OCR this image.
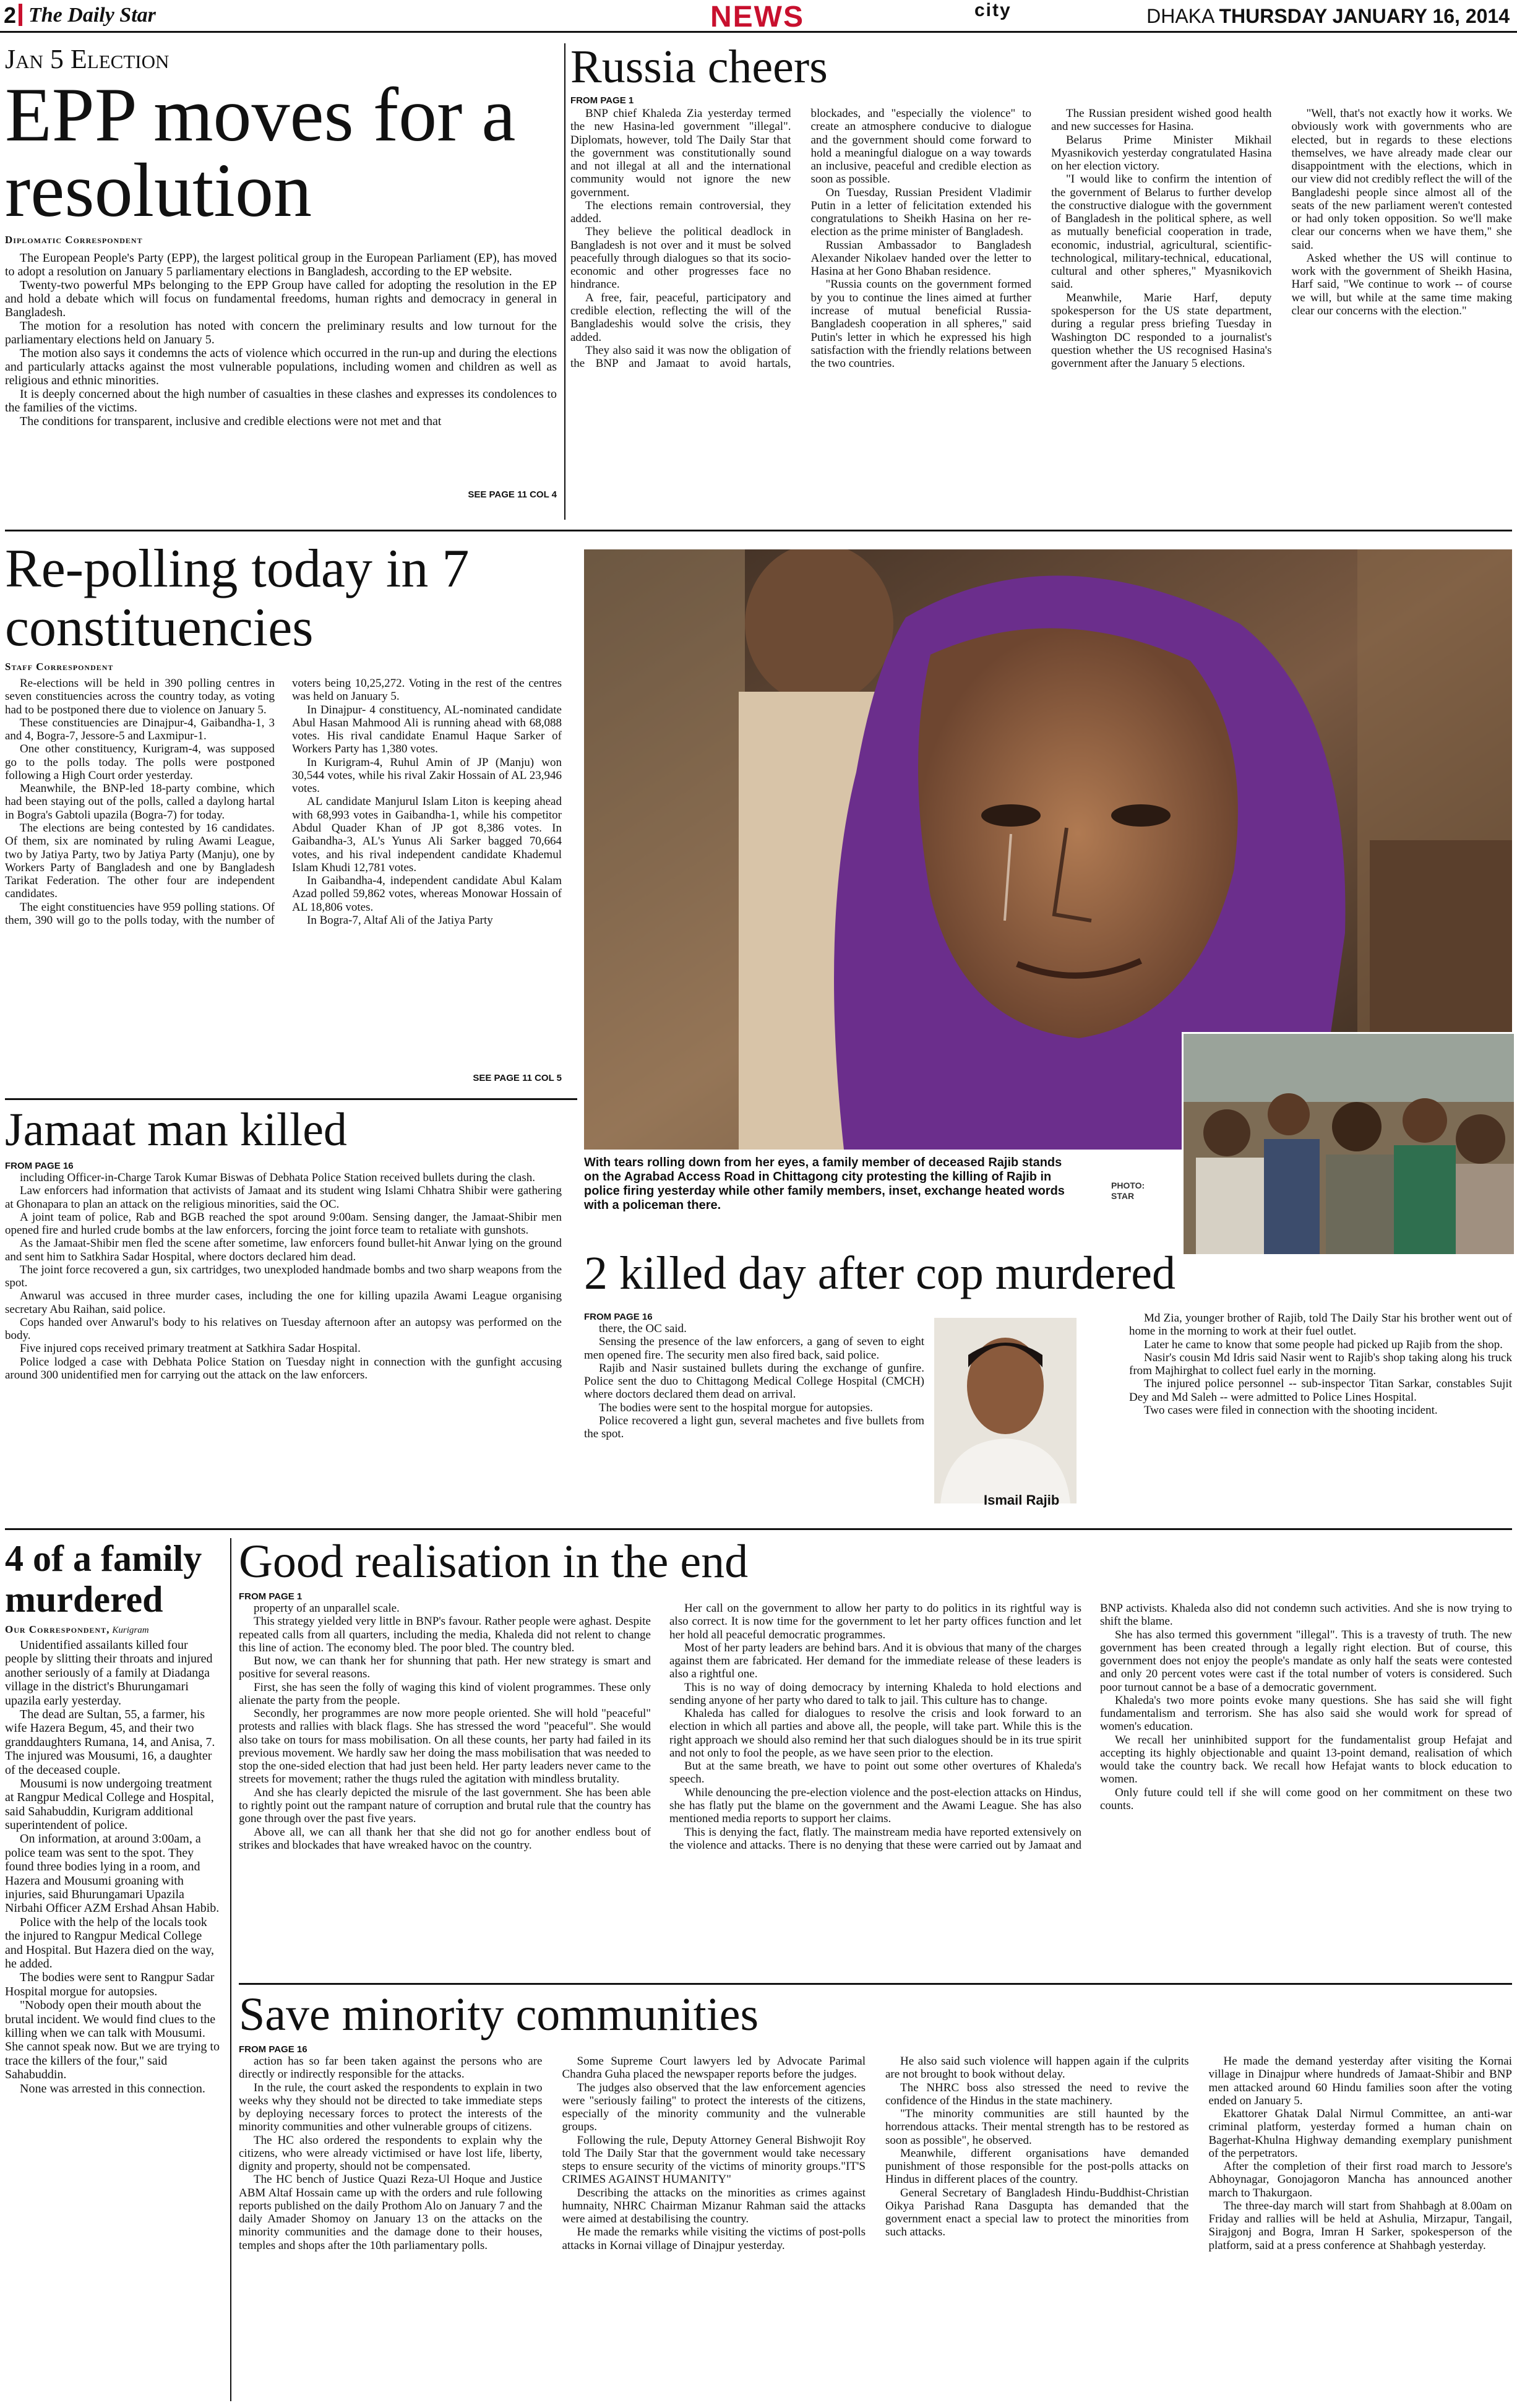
2 The Daily Star	NEWS	city	DHAKA THURSDAY JANUARY 16, 2014
Jan 5 Election
EPP moves for a resolution
Diplomatic Correspondent

The European People's Party (EPP), the largest political group in the European Parliament (EP), has moved to adopt a resolution on January 5 parliamentary elections in Bangladesh, according to the EP website.

Twenty-two powerful MPs belonging to the EPP Group have called for adopting the resolution in the EP and hold a debate which will focus on fundamental freedoms, human rights and democracy in general in Bangladesh.

The motion for a resolution has noted with concern the preliminary results and low turnout for the parliamentary elections held on January 5.

The motion also says it condemns the acts of violence which occurred in the run-up and during the elections and particularly attacks against the most vulnerable populations, including women and children as well as religious and ethnic minorities.

It is deeply concerned about the high number of casualties in these clashes and expresses its condolences to the families of the victims.

The conditions for transparent, inclusive and credible elections were not met and that

SEE PAGE 11 COL 4
Russia cheers
FROM PAGE 1

BNP chief Khaleda Zia yesterday termed the new Hasina-led government "illegal". Diplomats, however, told The Daily Star that the government was constitutionally sound and not illegal at all and the international community would not ignore the new government.

The elections remain controversial, they added.

They believe the political deadlock in Bangladesh is not over and it must be solved peacefully through dialogues so that its socio-economic and other progresses face no hindrance.

A free, fair, peaceful, participatory and credible election, reflecting the will of the Bangladeshis would solve the crisis, they added.

They also said it was now the obligation of the BNP and Jamaat to avoid hartals, blockades, and "especially the violence" to create an atmosphere conducive to dialogue and the government should come forward to hold a meaningful dialogue on a way towards an inclusive, peaceful and credible election as soon as possible.

On Tuesday, Russian President Vladimir Putin in a letter of felicitation extended his congratulations to Sheikh Hasina on her re-election as the prime minister of Bangladesh.

Russian Ambassador to Bangladesh Alexander Nikolaev handed over the letter to Hasina at her Gono Bhaban residence.

"Russia counts on the government formed by you to continue the lines aimed at further increase of mutual beneficial Russia-Bangladesh cooperation in all spheres," said Putin's letter in which he expressed his high satisfaction with the friendly relations between the two countries.

The Russian president wished good health and new successes for Hasina.

Belarus Prime Minister Mikhail Myasnikovich yesterday congratulated Hasina on her election victory.

"I would like to confirm the intention of the government of Belarus to further develop the constructive dialogue with the government of Bangladesh in the political sphere, as well as mutually beneficial cooperation in trade, economic, industrial, agricultural, scientific-technological, military-technical, educational, cultural and other spheres," Myasnikovich said.

Meanwhile, Marie Harf, deputy spokesperson for the US state department, during a regular press briefing Tuesday in Washington DC responded to a journalist's question whether the US recognised Hasina's government after the January 5 elections.

"Well, that's not exactly how it works. We obviously work with governments who are elected, but in regards to these elections themselves, we have already made clear our disappointment with the elections, which in our view did not credibly reflect the will of the Bangladeshi people since almost all of the seats of the new parliament weren't contested or had only token opposition. So we'll make clear our concerns when we have them," she said.

Asked whether the US will continue to work with the government of Sheikh Hasina, Harf said, "We continue to work -- of course we will, but while at the same time making clear our concerns with the election."

Re-polling today in 7 constituencies
Staff Correspondent

Re-elections will be held in 390 polling centres in seven constituencies across the country today, as voting had to be postponed there due to violence on January 5.

These constituencies are Dinajpur-4, Gaibandha-1, 3 and 4, Bogra-7, Jessore-5 and Laxmipur-1.

One other constituency, Kurigram-4, was supposed go to the polls today. The polls were postponed following a High Court order yesterday.

Meanwhile, the BNP-led 18-party combine, which had been staying out of the polls, called a daylong hartal in Bogra's Gabtoli upazila (Bogra-7) for today.

The elections are being contested by 16 candidates. Of them, six are nominated by ruling Awami League, two by Jatiya Party, two by Jatiya Party (Manju), one by Workers Party of Bangladesh and one by Bangladesh Tarikat Federation. The other four are independent candidates.

The eight constituencies have 959 polling stations. Of them, 390 will go to the polls today, with the number of voters being 10,25,272. Voting in the rest of the centres was held on January 5.

In Dinajpur- 4 constituency, AL-nominated candidate Abul Hasan Mahmood Ali is running ahead with 68,088 votes. His rival candidate Enamul Haque Sarker of Workers Party has 1,380 votes.

In Kurigram-4, Ruhul Amin of JP (Manju) won 30,544 votes, while his rival Zakir Hossain of AL 23,946 votes.

AL candidate Manjurul Islam Liton is keeping ahead with 68,993 votes in Gaibandha-1, while his competitor Abdul Quader Khan of JP got 8,386 votes. In Gaibandha-3, AL's Yunus Ali Sarker bagged 70,664 votes, and his rival independent candidate Khademul Islam Khudi 12,781 votes.

In Gaibandha-4, independent candidate Abul Kalam Azad polled 59,862 votes, whereas Monowar Hossain of AL 18,806 votes.

In Bogra-7, Altaf Ali of the Jatiya Party

SEE PAGE 11 COL 5
With tears rolling down from her eyes, a family member of deceased Rajib stands on the Agrabad Access Road in Chittagong city protesting the killing of Rajib in police firing yesterday while other family members, inset, exchange heated words with a policeman there.
PHOTO:
STAR
Jamaat man killed
FROM PAGE 16

including Officer-in-Charge Tarok Kumar Biswas of Debhata Police Station received bullets during the clash.

Law enforcers had information that activists of Jamaat and its student wing Islami Chhatra Shibir were gathering at Ghonapara to plan an attack on the religious minorities, said the OC.

A joint team of police, Rab and BGB reached the spot around 9:00am. Sensing danger, the Jamaat-Shibir men opened fire and hurled crude bombs at the law enforcers, forcing the joint force team to retaliate with gunshots.

As the Jamaat-Shibir men fled the scene after sometime, law enforcers found bullet-hit Anwar lying on the ground and sent him to Satkhira Sadar Hospital, where doctors declared him dead.

The joint force recovered a gun, six cartridges, two unexploded handmade bombs and two sharp weapons from the spot.

Anwarul was accused in three murder cases, including the one for killing upazila Awami League organising secretary Abu Raihan, said police.

Cops handed over Anwarul's body to his relatives on Tuesday afternoon after an autopsy was performed on the body.

Five injured cops received primary treatment at Satkhira Sadar Hospital.

Police lodged a case with Debhata Police Station on Tuesday night in connection with the gunfight accusing around 300 unidentified men for carrying out the attack on the law enforcers.

2 killed day after cop murdered
FROM PAGE 16

there, the OC said.

Sensing the presence of the law enforcers, a gang of seven to eight men opened fire. The security men also fired back, said police.

Rajib and Nasir sustained bullets during the exchange of gunfire. Police sent the duo to Chittagong Medical College Hospital (CMCH) where doctors declared them dead on arrival.

The bodies were sent to the hospital morgue for autopsies.

Police recovered a light gun, several machetes and five bullets from the spot.

Ismail Rajib

Md Zia, younger brother of Rajib, told The Daily Star his brother went out of home in the morning to work at their fuel outlet.

Later he came to know that some people had picked up Rajib from the shop.

Nasir's cousin Md Idris said Nasir went to Rajib's shop taking along his truck from Majhirghat to collect fuel early in the morning.

The injured police personnel -- sub-inspector Titan Sarkar, constables Sujit Dey and Md Saleh -- were admitted to Police Lines Hospital.

Two cases were filed in connection with the shooting incident.

4 of a family murdered
Our Correspondent, Kurigram

Unidentified assailants killed four people by slitting their throats and injured another seriously of a family at Diadanga village in the district's Bhurungamari upazila early yesterday.

The dead are Sultan, 55, a farmer, his wife Hazera Begum, 45, and their two granddaughters Rumana, 14, and Anisa, 7. The injured was Mousumi, 16, a daughter of the deceased couple.

Mousumi is now undergoing treatment at Rangpur Medical College and Hospital, said Sahabuddin, Kurigram additional superintendent of police.

On information, at around 3:00am, a police team was sent to the spot. They found three bodies lying in a room, and Hazera and Mousumi groaning with injuries, said Bhurungamari Upazila Nirbahi Officer AZM Ershad Ahsan Habib.

Police with the help of the locals took the injured to Rangpur Medical College and Hospital. But Hazera died on the way, he added.

The bodies were sent to Rangpur Sadar Hospital morgue for autopsies.

"Nobody open their mouth about the brutal incident. We would find clues to the killing when we can talk with Mousumi. She cannot speak now. But we are trying to trace the killers of the four," said Sahabuddin.

None was arrested in this connection.

Good realisation in the end
FROM PAGE 1

property of an unparallel scale.

This strategy yielded very little in BNP's favour. Rather people were aghast. Despite repeated calls from all quarters, including the media, Khaleda did not relent to change this line of action. The economy bled. The poor bled. The country bled.

But now, we can thank her for shunning that path. Her new strategy is smart and positive for several reasons.

First, she has seen the folly of waging this kind of violent programmes. These only alienate the party from the people.

Secondly, her programmes are now more people oriented. She will hold "peaceful" protests and rallies with black flags. She has stressed the word "peaceful". She would also take on tours for mass mobilisation. On all these counts, her party had failed in its previous movement. We hardly saw her doing the mass mobilisation that was needed to stop the one-sided election that had just been held. Her party leaders never came to the streets for movement; rather the thugs ruled the agitation with mindless brutality.

And she has clearly depicted the misrule of the last government. She has been able to rightly point out the rampant nature of corruption and brutal rule that the country has gone through over the past five years.

Above all, we can all thank her that she did not go for another endless bout of strikes and blockades that have wreaked havoc on the country.

Her call on the government to allow her party to do politics in its rightful way is also correct. It is now time for the government to let her party offices function and let her hold all peaceful democratic programmes.

Most of her party leaders are behind bars. And it is obvious that many of the charges against them are fabricated. Her demand for the immediate release of these leaders is also a rightful one.

This is no way of doing democracy by interning Khaleda to hold elections and sending anyone of her party who dared to talk to jail. This culture has to change.

Khaleda has called for dialogues to resolve the crisis and look forward to an election in which all parties and above all, the people, will take part. While this is the right approach we should also remind her that such dialogues should be in its true spirit and not only to fool the people, as we have seen prior to the election.

But at the same breath, we have to point out some other overtures of Khaleda's speech.

While denouncing the pre-election violence and the post-election attacks on Hindus, she has flatly put the blame on the government and the Awami League. She has also mentioned media reports to support her claims.

This is denying the fact, flatly. The mainstream media have reported extensively on the violence and attacks. There is no denying that these were carried out by Jamaat and BNP activists. Khaleda also did not condemn such activities. And she is now trying to shift the blame.

She has also termed this government "illegal". This is a travesty of truth. The new government has been created through a legally right election. But of course, this government does not enjoy the people's mandate as only half the seats were contested and only 20 percent votes were cast if the total number of voters is considered. Such poor turnout cannot be a base of a democratic government.

Khaleda's two more points evoke many questions. She has said she will fight fundamentalism and terrorism. She has also said she would work for spread of women's education.

We recall her uninhibited support for the fundamentalist group Hefajat and accepting its highly objectionable and quaint 13-point demand, realisation of which would take the country back. We recall how Hefajat wants to block education to women.

Only future could tell if she will come good on her commitment on these two counts.

Save minority communities
FROM PAGE 16

action has so far been taken against the persons who are directly or indirectly responsible for the attacks.

In the rule, the court asked the respondents to explain in two weeks why they should not be directed to take immediate steps by deploying necessary forces to protect the interests of the minority communities and other vulnerable groups of citizens.

The HC also ordered the respondents to explain why the citizens, who were already victimised or have lost life, liberty, dignity and property, should not be compensated.

The HC bench of Justice Quazi Reza-Ul Hoque and Justice ABM Altaf Hossain came up with the orders and rule following reports published on the daily Prothom Alo on January 7 and the daily Amader Shomoy on January 13 on the attacks on the minority communities and the damage done to their houses, temples and shops after the 10th parliamentary polls.

Some Supreme Court lawyers led by Advocate Parimal Chandra Guha placed the newspaper reports before the judges.

The judges also observed that the law enforcement agencies were "seriously failing" to protect the interests of the citizens, especially of the minority community and the vulnerable groups.

Following the rule, Deputy Attorney General Bishwojit Roy told The Daily Star that the government would take necessary steps to ensure security of the victims of minority groups."IT'S CRIMES AGAINST HUMANITY"

Describing the attacks on the minorities as crimes against humnaity, NHRC Chairman Mizanur Rahman said the attacks were aimed at destabilising the country.

He made the remarks while visiting the victims of post-polls attacks in Kornai village of Dinajpur yesterday.

He also said such violence will happen again if the culprits are not brought to book without delay.

The NHRC boss also stressed the need to revive the confidence of the Hindus in the state machinery.

"The minority communities are still haunted by the horrendous attacks. Their mental strength has to be restored as soon as possible", he observed.

Meanwhile, different organisations have demanded punishment of those responsible for the post-polls attacks on Hindus in different places of the country.

General Secretary of Bangladesh Hindu-Buddhist-Christian Oikya Parishad Rana Dasgupta has demanded that the government enact a special law to protect the minorities from such attacks.

He made the demand yesterday after visiting the Kornai village in Dinajpur where hundreds of Jamaat-Shibir and BNP men attacked around 60 Hindu families soon after the voting ended on January 5.

Ekattorer Ghatak Dalal Nirmul Committee, an anti-war criminal platform, yesterday formed a human chain on Bagerhat-Khulna Highway demanding exemplary punishment of the perpetrators.

After the completion of their first road march to Jessore's Abhoynagar, Gonojagoron Mancha has announced another march to Thakurgaon.

The three-day march will start from Shahbagh at 8.00am on Friday and rallies will be held at Ashulia, Mirzapur, Tangail, Sirajgonj and Bogra, Imran H Sarker, spokesperson of the platform, said at a press conference at Shahbagh yesterday.
